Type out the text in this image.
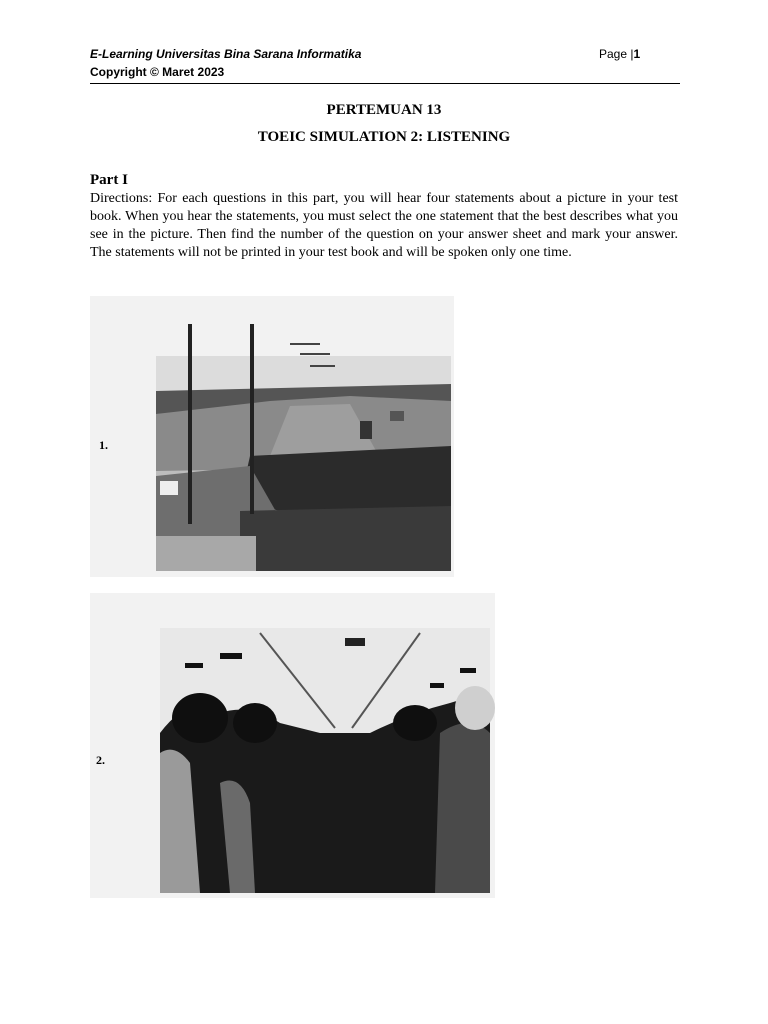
E-Learning Universitas Bina Sarana Informatika
Copyright © Maret 2023
Page |1
PERTEMUAN 13
TOEIC SIMULATION 2: LISTENING
Part I
Directions: For each questions in this part, you will hear four statements about a picture in your test book. When you hear the statements, you must select the one statement that the best describes what you see in the picture. Then find the number of the question on your answer sheet and mark your answer. The statements will not be printed in your test book and will be spoken only one time.
1.
2.
